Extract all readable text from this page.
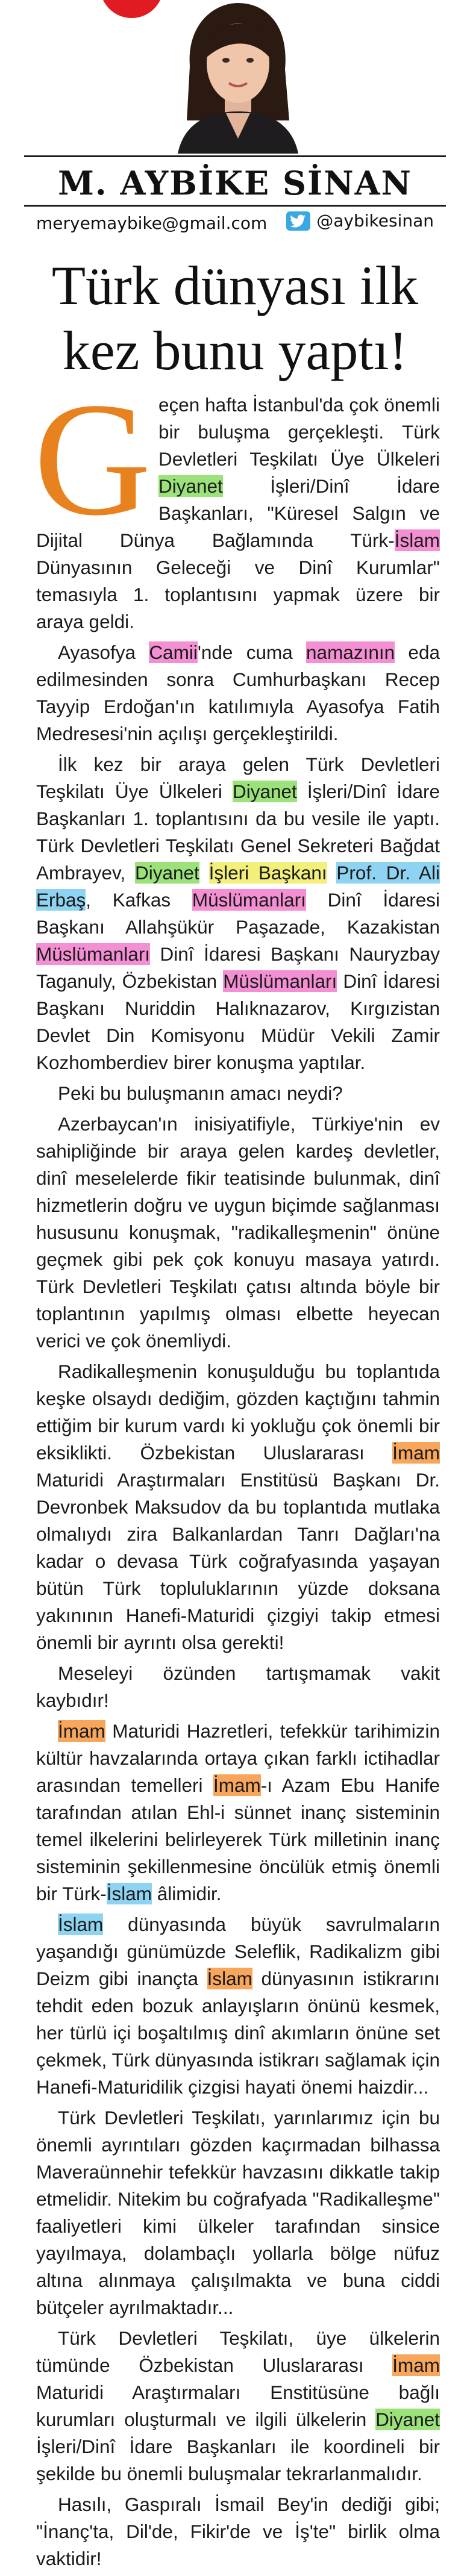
M. AYBİKE SİNAN
meryemaybike@gmail.com	@aybikesinan
Türk dünyası ilk
kez bunu yaptı!

Geçen hafta İstanbul'da çok önemli bir buluşma gerçekleşti. Türk Devletleri Teşkilatı Üye Ülkeleri Diyanet İşleri/Dinî İdare Başkanları, "Küresel Salgın ve Dijital Dünya Bağlamında Türk-İslam Dünyasının Geleceği ve Dinî Kurumlar" temasıyla 1. toplantısını yapmak üzere bir araya geldi.

Ayasofya Camii'nde cuma namazının eda edilmesinden sonra Cumhurbaşkanı Recep Tayyip Erdoğan'ın katılımıyla Ayasofya Fatih Medresesi'nin açılışı gerçekleştirildi.

İlk kez bir araya gelen Türk Devletleri Teşkilatı Üye Ülkeleri Diyanet İşleri/Dinî İdare Başkanları 1. toplantısını da bu vesile ile yaptı. Türk Devletleri Teşkilatı Genel Sekreteri Bağdat Ambrayev, Diyanet İşleri Başkanı Prof. Dr. Ali Erbaş, Kafkas Müslümanları Dinî İdaresi Başkanı Allahşükür Paşazade, Kazakistan Müslümanları Dinî İdaresi Başkanı Nauryzbay Taganuly, Özbekistan Müslümanları Dinî İdaresi Başkanı Nuriddin Halıknazarov, Kırgızistan Devlet Din Komisyonu Müdür Vekili Zamir Kozhomberdiev birer konuşma yaptılar.

Peki bu buluşmanın amacı neydi?

Azerbaycan'ın inisiyatifiyle, Türkiye'nin ev sahipliğinde bir araya gelen kardeş devletler, dinî meselelerde fikir teatisinde bulunmak, dinî hizmetlerin doğru ve uygun biçimde sağlanması hususunu konuşmak, "radikalleşmenin" önüne geçmek gibi pek çok konuyu masaya yatırdı. Türk Devletleri Teşkilatı çatısı altında böyle bir toplantının yapılmış olması elbette heyecan verici ve çok önemliydi.

Radikalleşmenin konuşulduğu bu toplantıda keşke olsaydı dediğim, gözden kaçtığını tahmin ettiğim bir kurum vardı ki yokluğu çok önemli bir eksiklikti. Özbekistan Uluslararası İmam Maturidi Araştırmaları Enstitüsü Başkanı Dr. Devronbek Maksudov da bu toplantıda mutlaka olmalıydı zira Balkanlardan Tanrı Dağları'na kadar o devasa Türk coğrafyasında yaşayan bütün Türk topluluklarının yüzde doksana yakınının Hanefi-Maturidi çizgiyi takip etmesi önemli bir ayrıntı olsa gerekti!

Meseleyi özünden tartışmamak vakit kaybıdır!

İmam Maturidi Hazretleri, tefekkür tarihimizin kültür havzalarında ortaya çıkan farklı ictihadlar arasından temelleri İmam-ı Azam Ebu Hanife tarafından atılan Ehl-i sünnet inanç sisteminin temel ilkelerini belirleyerek Türk milletinin inanç sisteminin şekillenmesine öncülük etmiş önemli bir Türk-İslam âlimidir.

İslam dünyasında büyük savrulmaların yaşandığı günümüzde Seleflik, Radikalizm gibi Deizm gibi inançta İslam dünyasının istikrarını tehdit eden bozuk anlayışların önünü kesmek, her türlü içi boşaltılmış dinî akımların önüne set çekmek, Türk dünyasında istikrarı sağlamak için Hanefi-Maturidilik çizgisi hayati önemi haizdir...

Türk Devletleri Teşkilatı, yarınlarımız için bu önemli ayrıntıları gözden kaçırmadan bilhassa Maveraünnehir tefekkür havzasını dikkatle takip etmelidir. Nitekim bu coğrafyada "Radikalleşme" faaliyetleri kimi ülkeler tarafından sinsice yayılmaya, dolambaçlı yollarla bölge nüfuz altına alınmaya çalışılmakta ve buna ciddi bütçeler ayrılmaktadır...

Türk Devletleri Teşkilatı, üye ülkelerin tümünde Özbekistan Uluslararası İmam Maturidi Araştırmaları Enstitüsüne bağlı kurumları oluşturmalı ve ilgili ülkelerin Diyanet İşleri/Dinî İdare Başkanları ile koordineli bir şekilde bu önemli buluşmalar tekrarlanmalıdır.

Hasılı, Gaspıralı İsmail Bey'in dediği gibi; "İnanç'ta, Dil'de, Fikir'de ve İş'te" birlik olma vaktidir!
